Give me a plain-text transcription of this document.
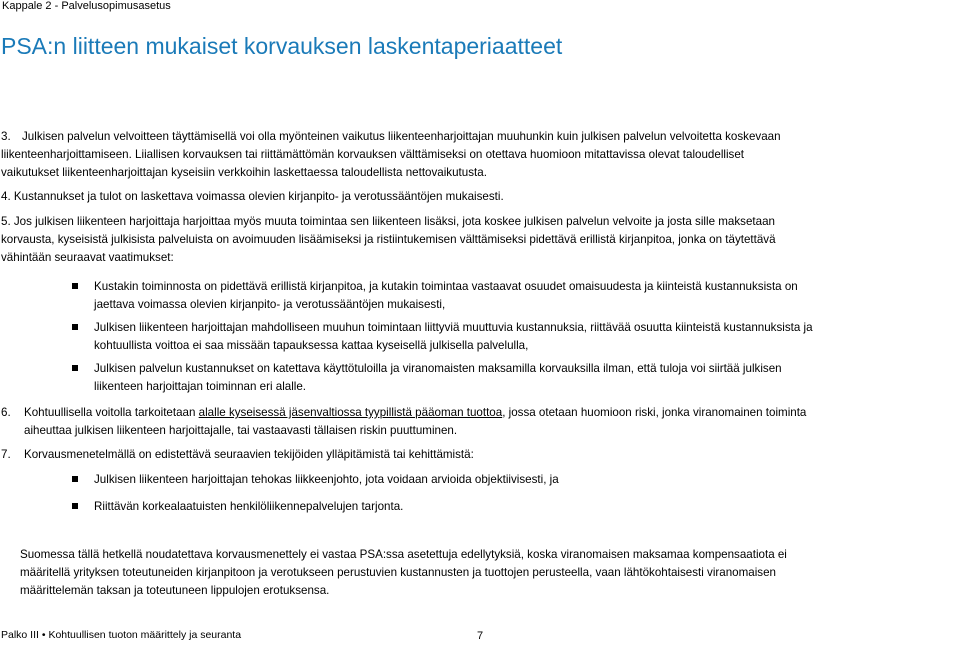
Kappale 2 - Palvelusopimusasetus
PSA:n liitteen mukaiset korvauksen laskentaperiaatteet
3. Julkisen palvelun velvoitteen täyttämisellä voi olla myönteinen vaikutus liikenteenharjoittajan muuhunkin kuin julkisen palvelun velvoitetta koskevaan
liikenteenharjoittamiseen. Liiallisen korvauksen tai riittämättömän korvauksen välttämiseksi on otettava huomioon mitattavissa olevat taloudelliset
vaikutukset liikenteenharjoittajan kyseisiin verkkoihin laskettaessa taloudellista nettovaikutusta.
4. Kustannukset ja tulot on laskettava voimassa olevien kirjanpito- ja verotussääntöjen mukaisesti.
5. Jos julkisen liikenteen harjoittaja harjoittaa myös muuta toimintaa sen liikenteen lisäksi, jota koskee julkisen palvelun velvoite ja josta sille maksetaan
korvausta, kyseisistä julkisista palveluista on avoimuuden lisäämiseksi ja ristiintukemisen välttämiseksi pidettävä erillistä kirjanpitoa, jonka on täytettävä
vähintään seuraavat vaatimukset:
Kustakin toiminnosta on pidettävä erillistä kirjanpitoa, ja kutakin toimintaa vastaavat osuudet omaisuudesta ja kiinteistä kustannuksista on
jaettava voimassa olevien kirjanpito- ja verotussääntöjen mukaisesti,
Julkisen liikenteen harjoittajan mahdolliseen muuhun toimintaan liittyviä muuttuvia kustannuksia, riittävää osuutta kiinteistä kustannuksista ja
kohtuullista voittoa ei saa missään tapauksessa kattaa kyseisellä julkisella palvelulla,
Julkisen palvelun kustannukset on katettava käyttötuloilla ja viranomaisten maksamilla korvauksilla ilman, että tuloja voi siirtää julkisen
liikenteen harjoittajan toiminnan eri alalle.
6. Kohtuullisella voitolla tarkoitetaan alalle kyseisessä jäsenvaltiossa tyypillistä pääoman tuottoa, jossa otetaan huomioon riski, jonka viranomainen toiminta
aiheuttaa julkisen liikenteen harjoittajalle, tai vastaavasti tällaisen riskin puuttuminen.
7. Korvausmenetelmällä on edistettävä seuraavien tekijöiden ylläpitämistä tai kehittämistä:
Julkisen liikenteen harjoittajan tehokas liikkeenjohto, jota voidaan arvioida objektiivisesti, ja
Riittävän korkealaatuisten henkilöliikennepalvelujen tarjonta.
Suomessa tällä hetkellä noudatettava korvausmenettely ei vastaa PSA:ssa asetettuja edellytyksiä, koska viranomaisen maksamaa kompensaatiota ei
määritellä yrityksen toteutuneiden kirjanpitoon ja verotukseen perustuvien kustannusten ja tuottojen perusteella, vaan lähtökohtaisesti viranomaisen
määrittelemän taksan ja toteutuneen lippulojen erotuksensa.
Palko III • Kohtuullisen tuoton määrittely ja seuranta	7
